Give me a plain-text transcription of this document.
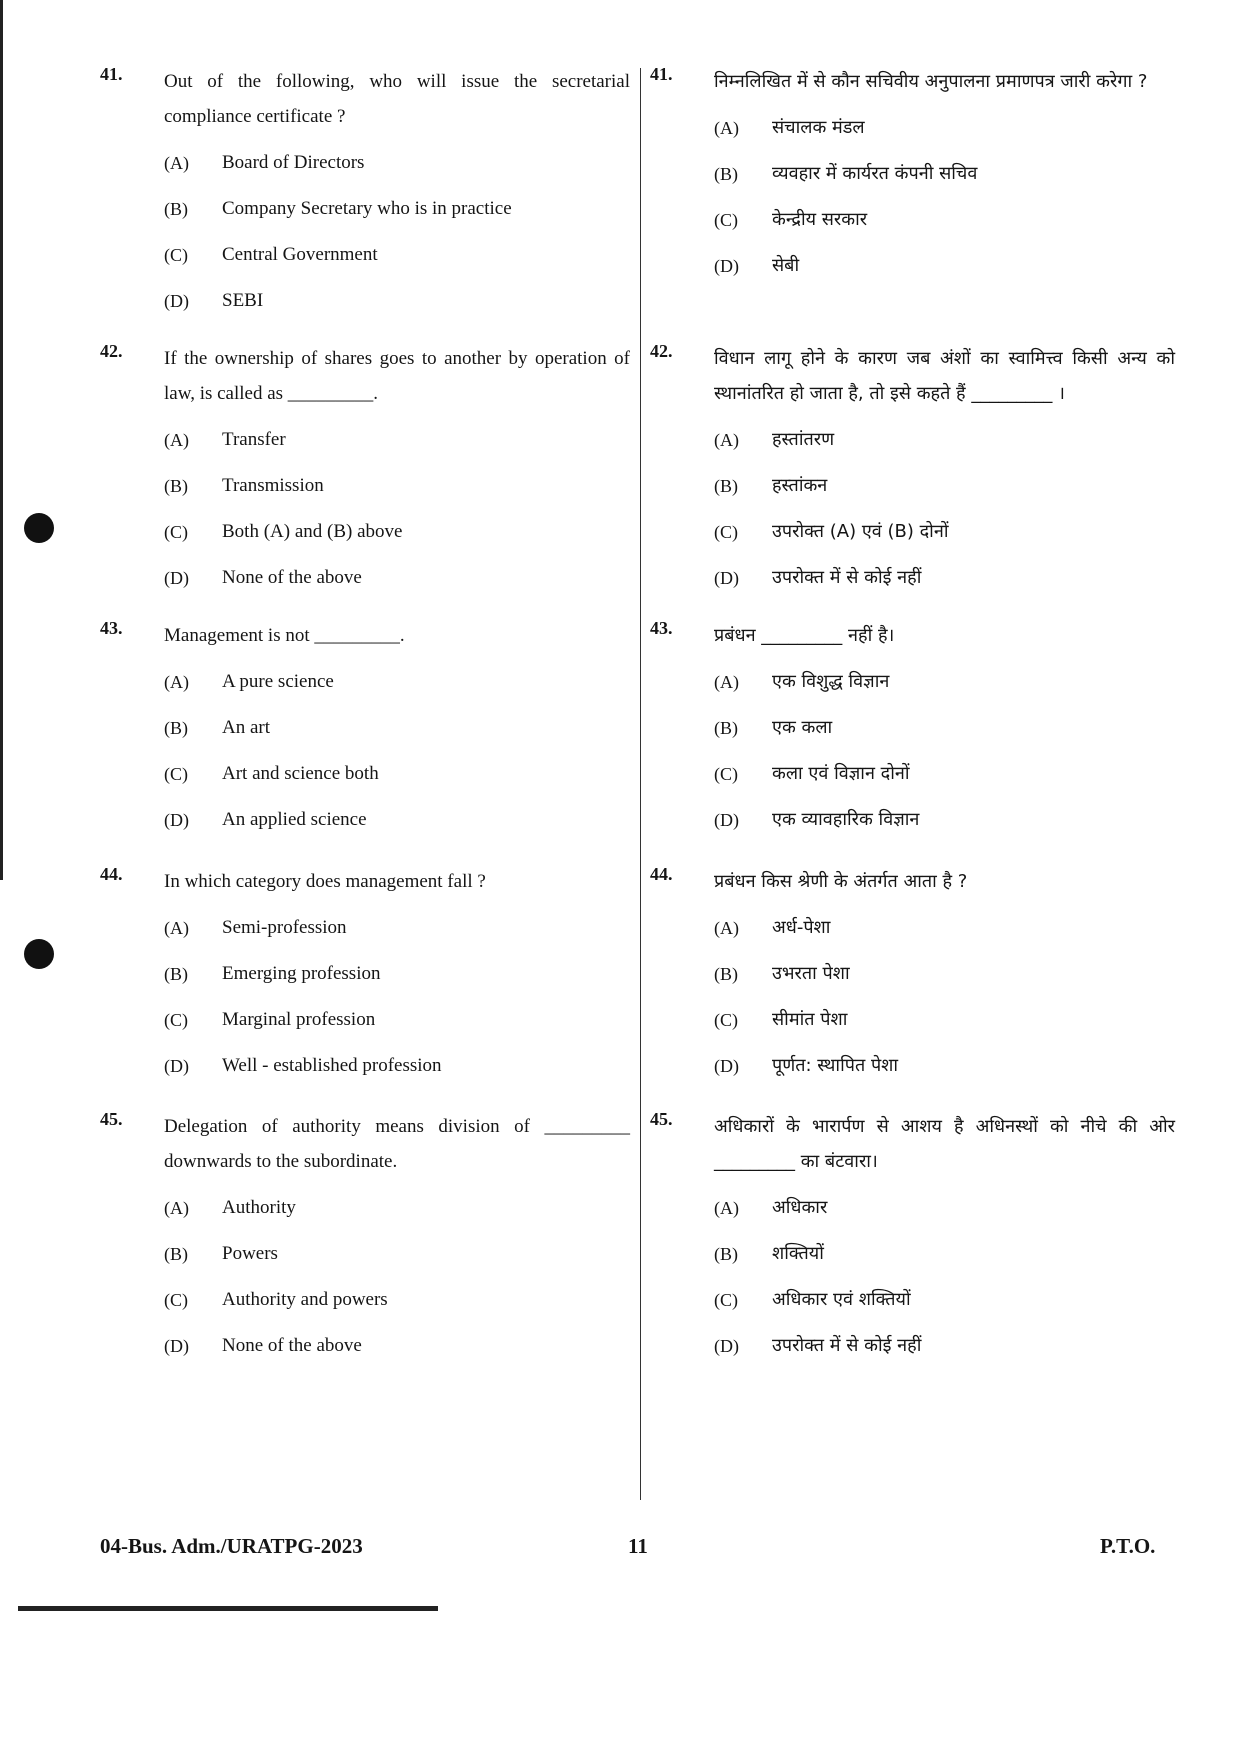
41. Out of the following, who will issue the secretarial compliance certificate ?
(A) Board of Directors
(B) Company Secretary who is in practice
(C) Central Government
(D) SEBI
42. If the ownership of shares goes to another by operation of law, is called as _________.
(A) Transfer
(B) Transmission
(C) Both (A) and (B) above
(D) None of the above
43. Management is not _________.
(A) A pure science
(B) An art
(C) Art and science both
(D) An applied science
44. In which category does management fall ?
(A) Semi-profession
(B) Emerging profession
(C) Marginal profession
(D) Well - established profession
45. Delegation of authority means division of _________ downwards to the subordinate.
(A) Authority
(B) Powers
(C) Authority and powers
(D) None of the above
41. निम्नलिखित में से कौन सचिवीय अनुपालना प्रमाणपत्र जारी करेगा ?
(A) संचालक मंडल
(B) व्यवहार में कार्यरत कंपनी सचिव
(C) केन्द्रीय सरकार
(D) सेबी
42. विधान लागू होने के कारण जब अंशों का स्वामित्त्व किसी अन्य को स्थानांतरित हो जाता है, तो इसे कहते हैं _________ ।
(A) हस्तांतरण
(B) हस्तांकन
(C) उपरोक्त (A) एवं (B) दोनों
(D) उपरोक्त में से कोई नहीं
43. प्रबंधन _________ नहीं है।
(A) एक विशुद्ध विज्ञान
(B) एक कला
(C) कला एवं विज्ञान दोनों
(D) एक व्यावहारिक विज्ञान
44. प्रबंधन किस श्रेणी के अंतर्गत आता है ?
(A) अर्ध-पेशा
(B) उभरता पेशा
(C) सीमांत पेशा
(D) पूर्णत: स्थापित पेशा
45. अधिकारों के भारार्पण से आशय है अधिनस्थों को नीचे की ओर _________ का बंटवारा।
(A) अधिकार
(B) शक्तियों
(C) अधिकार एवं शक्तियों
(D) उपरोक्त में से कोई नहीं
04-Bus. Adm./URATPG-2023	11	P.T.O.
